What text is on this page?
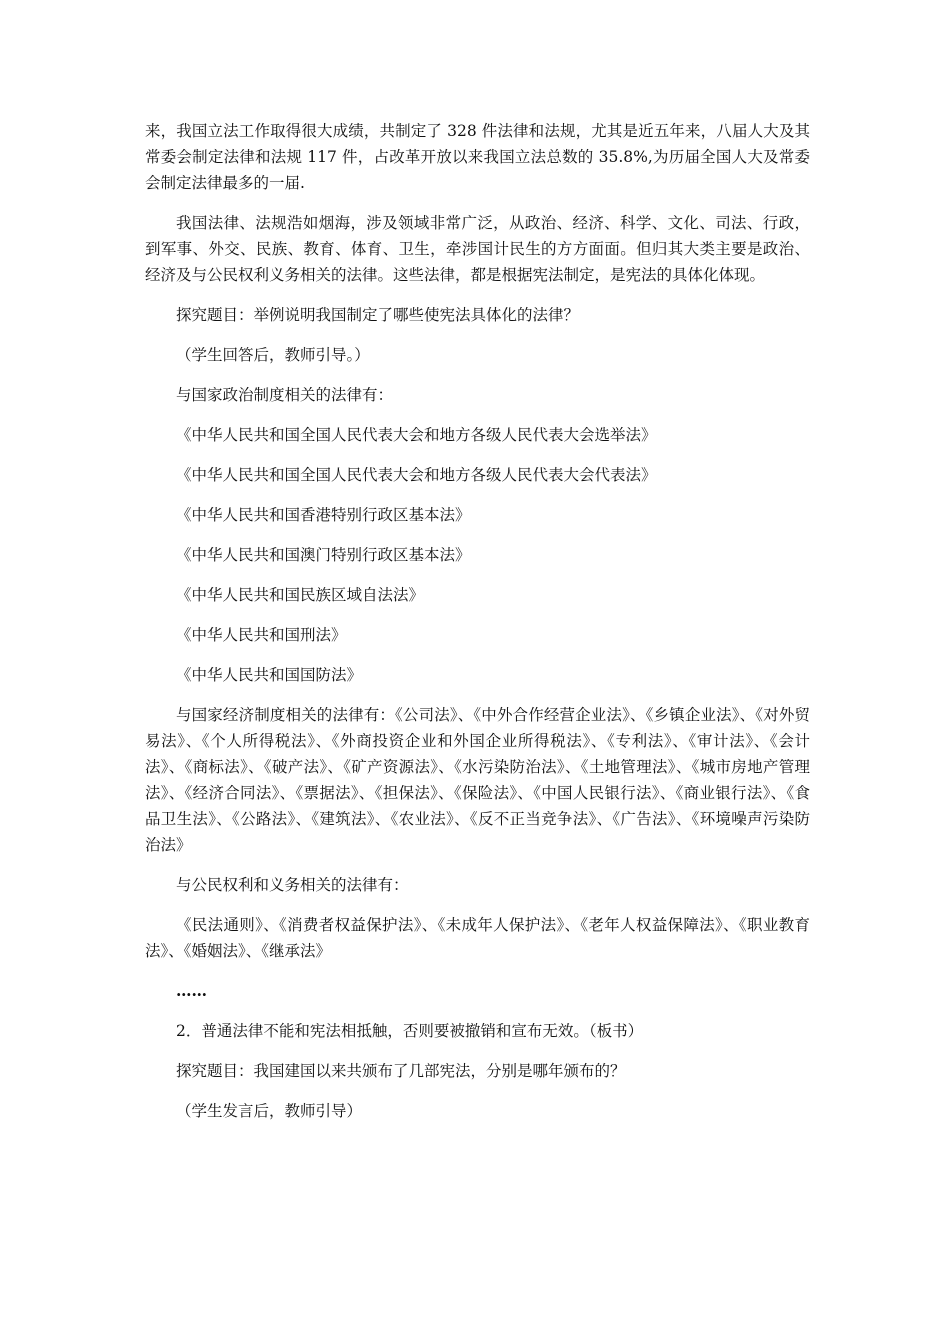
来，我国立法工作取得很大成绩，共制定了 328 件法律和法规，尤其是近五年来，八届人大及其常委会制定法律和法规 117 件，占改革开放以来我国立法总数的 35.8%,为历届全国人大及常委会制定法律最多的一届.

我国法律、法规浩如烟海，涉及领域非常广泛，从政治、经济、科学、文化、司法、行政，到军事、外交、民族、教育、体育、卫生，牵涉国计民生的方方面面。但归其大类主要是政治、经济及与公民权利义务相关的法律。这些法律，都是根据宪法制定，是宪法的具体化体现。

探究题目：举例说明我国制定了哪些使宪法具体化的法律？

（学生回答后，教师引导。）

与国家政治制度相关的法律有：

《中华人民共和国全国人民代表大会和地方各级人民代表大会选举法》

《中华人民共和国全国人民代表大会和地方各级人民代表大会代表法》

《中华人民共和国香港特别行政区基本法》

《中华人民共和国澳门特别行政区基本法》

《中华人民共和国民族区域自法法》

《中华人民共和国刑法》

《中华人民共和国国防法》

与国家经济制度相关的法律有：《公司法》、《中外合作经营企业法》、《乡镇企业法》、《对外贸易法》、《个人所得税法》、《外商投资企业和外国企业所得税法》、《专利法》、《审计法》、《会计法》、《商标法》、《破产法》、《矿产资源法》、《水污染防治法》、《土地管理法》、《城市房地产管理法》、《经济合同法》、《票据法》、《担保法》、《保险法》、《中国人民银行法》、《商业银行法》、《食品卫生法》、《公路法》、《建筑法》、《农业法》、《反不正当竞争法》、《广告法》、《环境噪声污染防治法》

与公民权利和义务相关的法律有：

《民法通则》、《消费者权益保护法》、《未成年人保护法》、《老年人权益保障法》、《职业教育法》、《婚姻法》、《继承法》

……

2．普通法律不能和宪法相抵触，否则要被撤销和宣布无效。（板书）

探究题目：我国建国以来共颁布了几部宪法，分别是哪年颁布的？

（学生发言后，教师引导）
